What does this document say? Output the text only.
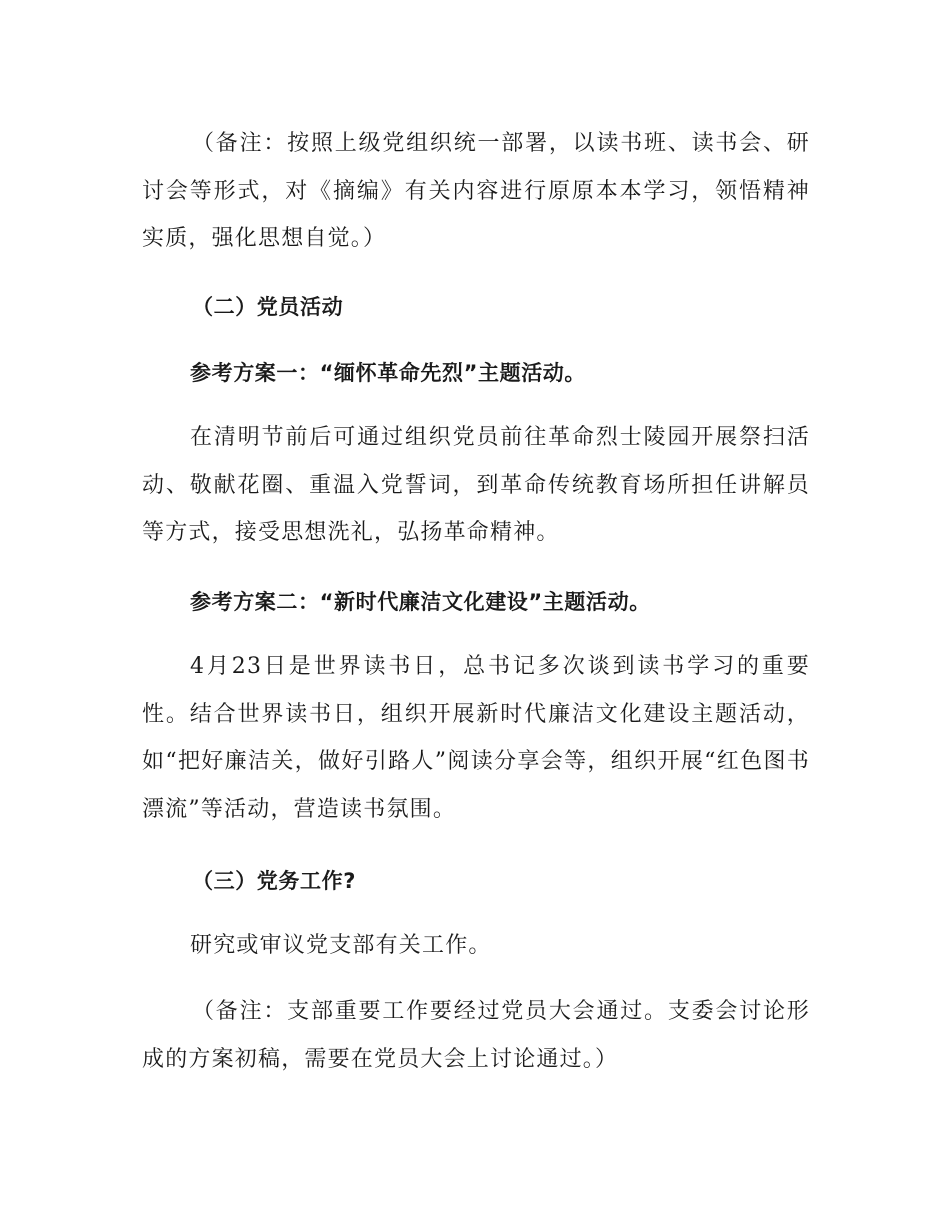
（备注：按照上级党组织统一部署，以读书班、读书会、研讨会等形式，对《摘编》有关内容进行原原本本学习，领悟精神实质，强化思想自觉。）

（二）党员活动

参考方案一：“缅怀革命先烈”主题活动。

在清明节前后可通过组织党员前往革命烈士陵园开展祭扫活动、敬献花圈、重温入党誓词，到革命传统教育场所担任讲解员等方式，接受思想洗礼，弘扬革命精神。

参考方案二：“新时代廉洁文化建设”主题活动。

4月23日是世界读书日，总书记多次谈到读书学习的重要性。结合世界读书日，组织开展新时代廉洁文化建设主题活动，如“把好廉洁关，做好引路人”阅读分享会等，组织开展“红色图书漂流”等活动，营造读书氛围。

（三）党务工作?

研究或审议党支部有关工作。

（备注：支部重要工作要经过党员大会通过。支委会讨论形成的方案初稿，需要在党员大会上讨论通过。）
